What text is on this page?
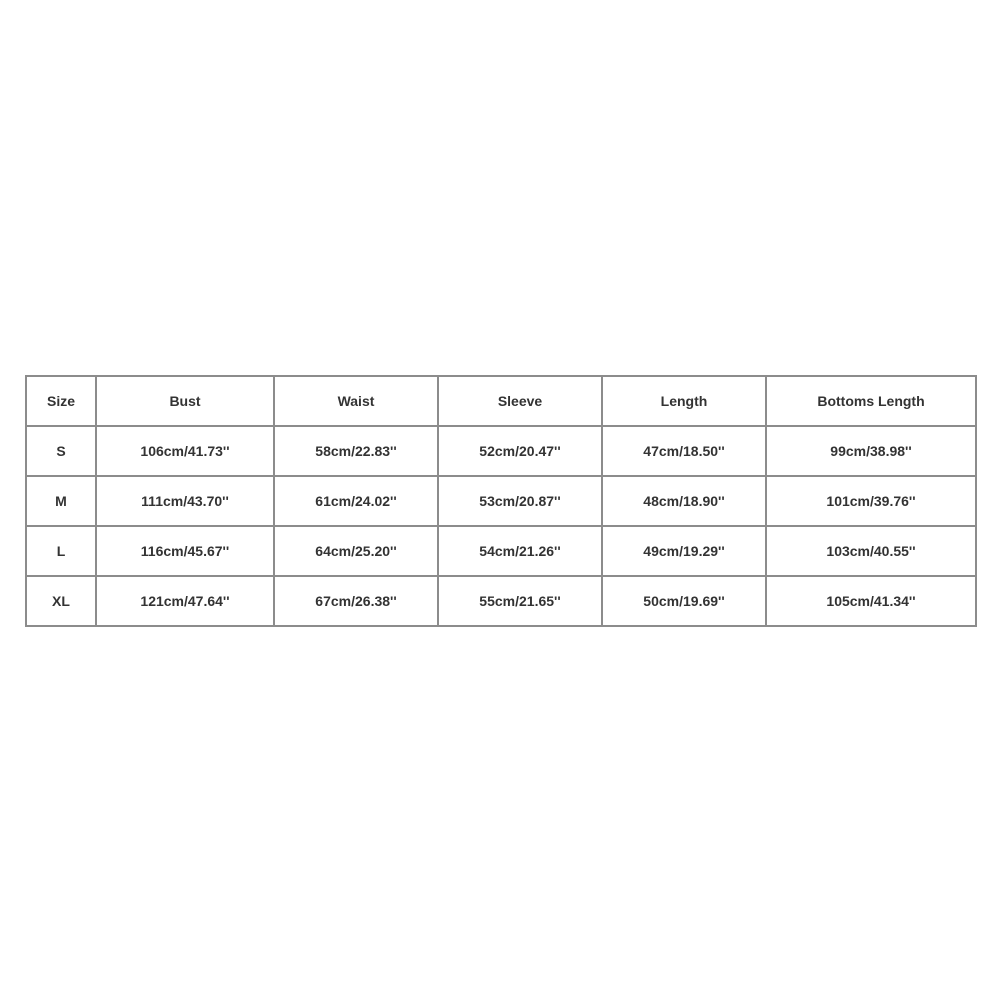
Size	Bust	Waist	Sleeve	Length	Bottoms Length
S	106cm/41.73''	58cm/22.83''	52cm/20.47''	47cm/18.50''	99cm/38.98''
M	111cm/43.70''	61cm/24.02''	53cm/20.87''	48cm/18.90''	101cm/39.76''
L	116cm/45.67''	64cm/25.20''	54cm/21.26''	49cm/19.29''	103cm/40.55''
XL	121cm/47.64''	67cm/26.38''	55cm/21.65''	50cm/19.69''	105cm/41.34''
